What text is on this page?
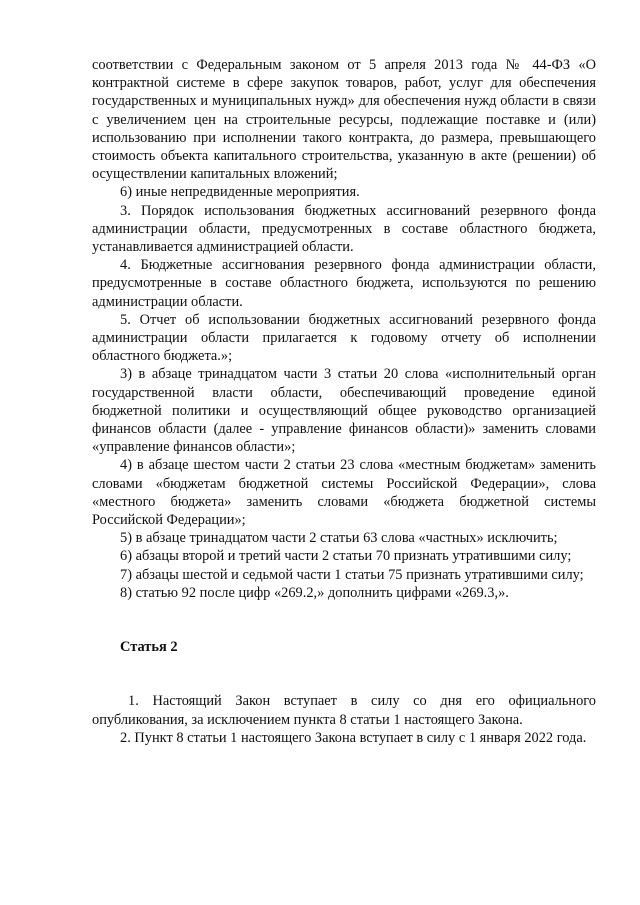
соответствии с Федеральным законом от 5 апреля 2013 года № 44-ФЗ «О контрактной системе в сфере закупок товаров, работ, услуг для обеспечения государственных и муниципальных нужд» для обеспечения нужд области в связи с увеличением цен на строительные ресурсы, подлежащие поставке и (или) использованию при исполнении такого контракта, до размера, превышающего стоимость объекта капитального строительства, указанную в акте (решении) об осуществлении капитальных вложений;

6) иные непредвиденные мероприятия.

3. Порядок использования бюджетных ассигнований резервного фонда администрации области, предусмотренных в составе областного бюджета, устанавливается администрацией области.

4. Бюджетные ассигнования резервного фонда администрации области, предусмотренные в составе областного бюджета, используются по решению администрации области.

5. Отчет об использовании бюджетных ассигнований резервного фонда администрации области прилагается к годовому отчету об исполнении областного бюджета.»;

3) в абзаце тринадцатом части 3 статьи 20 слова «исполнительный орган государственной власти области, обеспечивающий проведение единой бюджетной политики и осуществляющий общее руководство организацией финансов области (далее - управление финансов области)» заменить словами «управление финансов области»;

4) в абзаце шестом части 2 статьи 23 слова «местным бюджетам» заменить словами «бюджетам бюджетной системы Российской Федерации», слова «местного бюджета» заменить словами «бюджета бюджетной системы Российской Федерации»;

5) в абзаце тринадцатом части 2 статьи 63 слова «частных» исключить;

6) абзацы второй и третий части 2 статьи 70 признать утратившими силу;

7) абзацы шестой и седьмой части 1 статьи 75 признать утратившими силу;

8) статью 92 после цифр «269.2,» дополнить цифрами «269.3,».

Статья 2

1. Настоящий Закон вступает в силу со дня его официального опубликования, за исключением пункта 8 статьи 1 настоящего Закона.

2. Пункт 8 статьи 1 настоящего Закона вступает в силу с 1 января 2022 года.
